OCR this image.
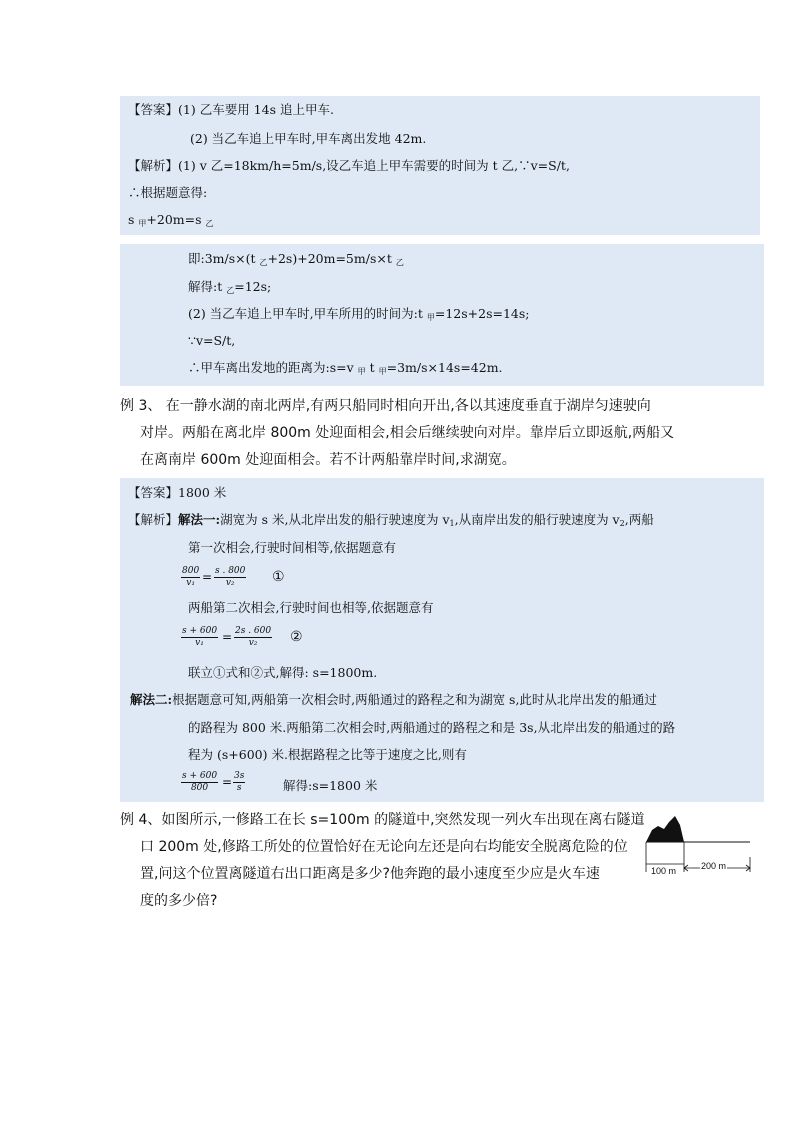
【答案】(1) 乙车要用 14s 追上甲车.
(2) 当乙车追上甲车时,甲车离出发地 42m.
【解析】(1) v 乙=18km/h=5m/s,设乙车追上甲车需要的时间为 t 乙,∵v=S/t,
∴根据题意得:
s $_甲$+20m=s $_乙$
即:3m/s×(t $_乙$+2s)+20m=5m/s×t $_乙$
解得:t $_乙$=12s;
(2) 当乙车追上甲车时,甲车所用的时间为:t $_甲$=12s+2s=14s;
∵v=S/t,
∴甲车离出发地的距离为:s=v $_甲$ t $_甲$=3m/s×14s=42m.
例 3、 在一静水湖的南北两岸,有两只船同时相向开出,各以其速度垂直于湖岸匀速驶向
对岸。两船在离北岸 800m 处迎面相会,相会后继续驶向对岸。靠岸后立即返航,两船又
在离南岸 600m 处迎面相会。若不计两船靠岸时间,求湖宽。
【答案】1800 米
【解析】解法一:湖宽为 s 米,从北岸出发的船行驶速度为 $v_1$,从南岸出发的船行驶速度为 $v_2$,两船
第一次相会,行驶时间相等,依据题意有
$\frac{800}{\text{v₁}} = \frac{s . 800}{\text{v₂}}$ ①
两船第二次相会,行驶时间也相等,依据题意有
$\frac{s + 600}{\text{v₁}} = \frac{2s . 600}{\text{v₂}}$ ②
联立①式和②式,解得: s=1800m.
解法二:根据题意可知,两船第一次相会时,两船通过的路程之和为湖宽 s,此时从北岸出发的船通过
的路程为 800 米.两船第二次相会时,两船通过的路程之和是 3s,从北岸出发的船通过的路
程为 (s+600) 米.根据路程之比等于速度之比,则有
$\frac{s + 600}{800} = \frac{3s}{s}$	解得:s=1800 米
例 4、如图所示,一修路工在长 s=100m 的隧道中,突然发现一列火车出现在离右隧道
口 200m 处,修路工所处的位置恰好在无论向左还是向右均能安全脱离危险的位
置,问这个位置离隧道右出口距离是多少?他奔跑的最小速度至少应是火车速
度的多少倍?
100 m	200 m
